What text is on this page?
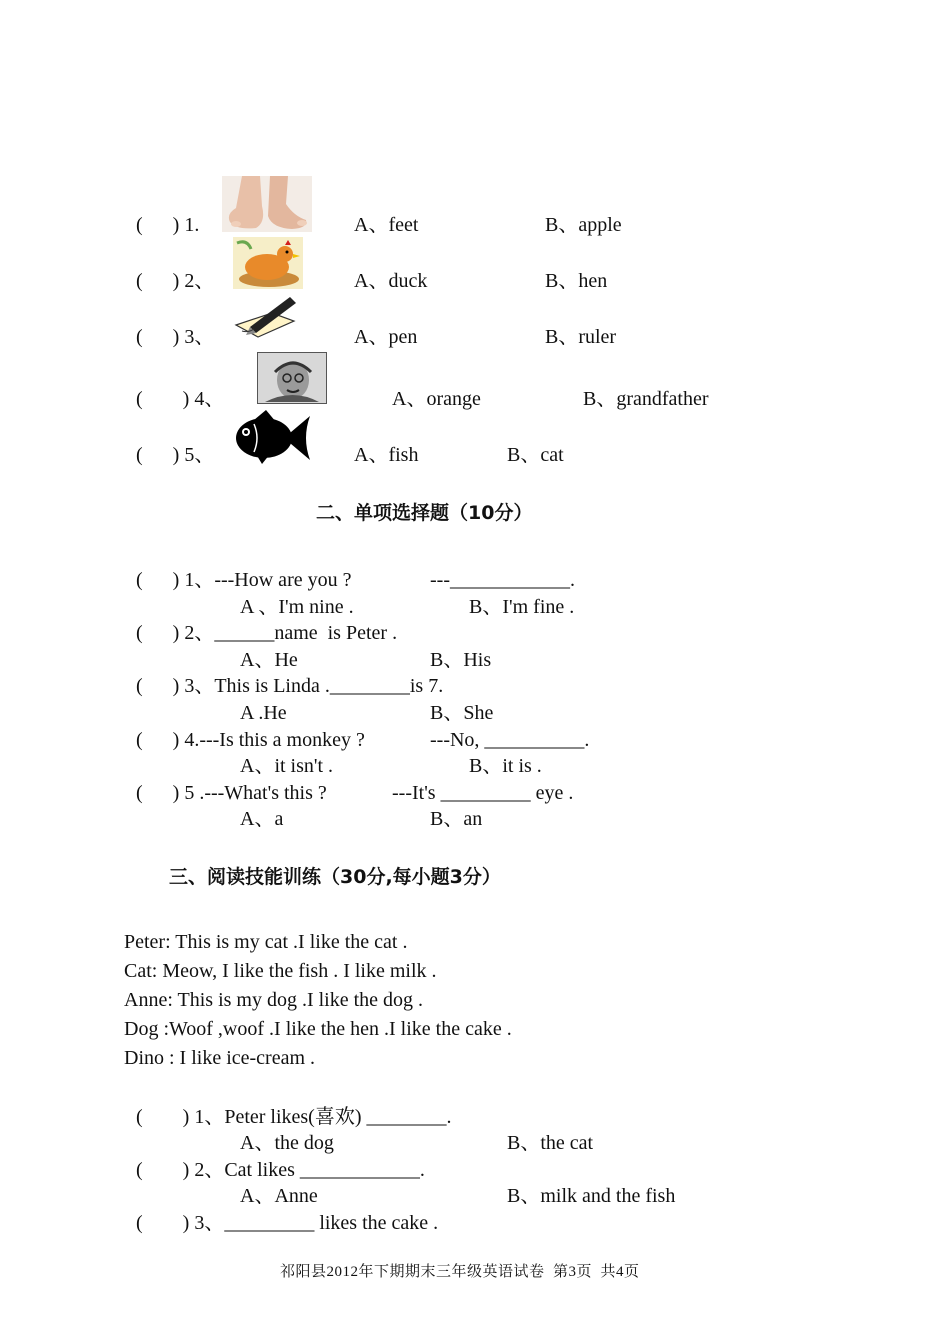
(      ) 1.	A、feet	B、apple
(      ) 2、	A、duck	B、hen
(      ) 3、	A、pen	B、ruler
(        ) 4、	A、orange	B、grandfather
(      ) 5、	A、fish	B、cat
二、单项选择题（10分）
(      ) 1、---How are you ?	---____________.
A 、I'm nine .	B、I'm fine .
(      ) 2、______name  is Peter .
A、He	B、His
(      ) 3、This is Linda .________is 7.
A .He	B、She
(      ) 4.---Is this a monkey ?	---No, __________.
A、it isn't .	B、it is .
(      ) 5 .---What's this ?	---It's _________ eye .
A、a	B、an
三、阅读技能训练（30分,每小题3分）
Peter: This is my cat .I like the cat .
Cat: Meow, I like the fish . I like milk .
Anne: This is my dog .I like the dog .
Dog :Woof ,woof .I like the hen .I like the cake .
Dino : I like ice-cream .
(        ) 1、Peter likes(喜欢) ________.
A、the dog	B、the cat
(        ) 2、Cat likes ____________.
A、Anne	B、milk and the fish
(        ) 3、_________ likes the cake .
祁阳县2012年下期期末三年级英语试卷  第3页  共4页
